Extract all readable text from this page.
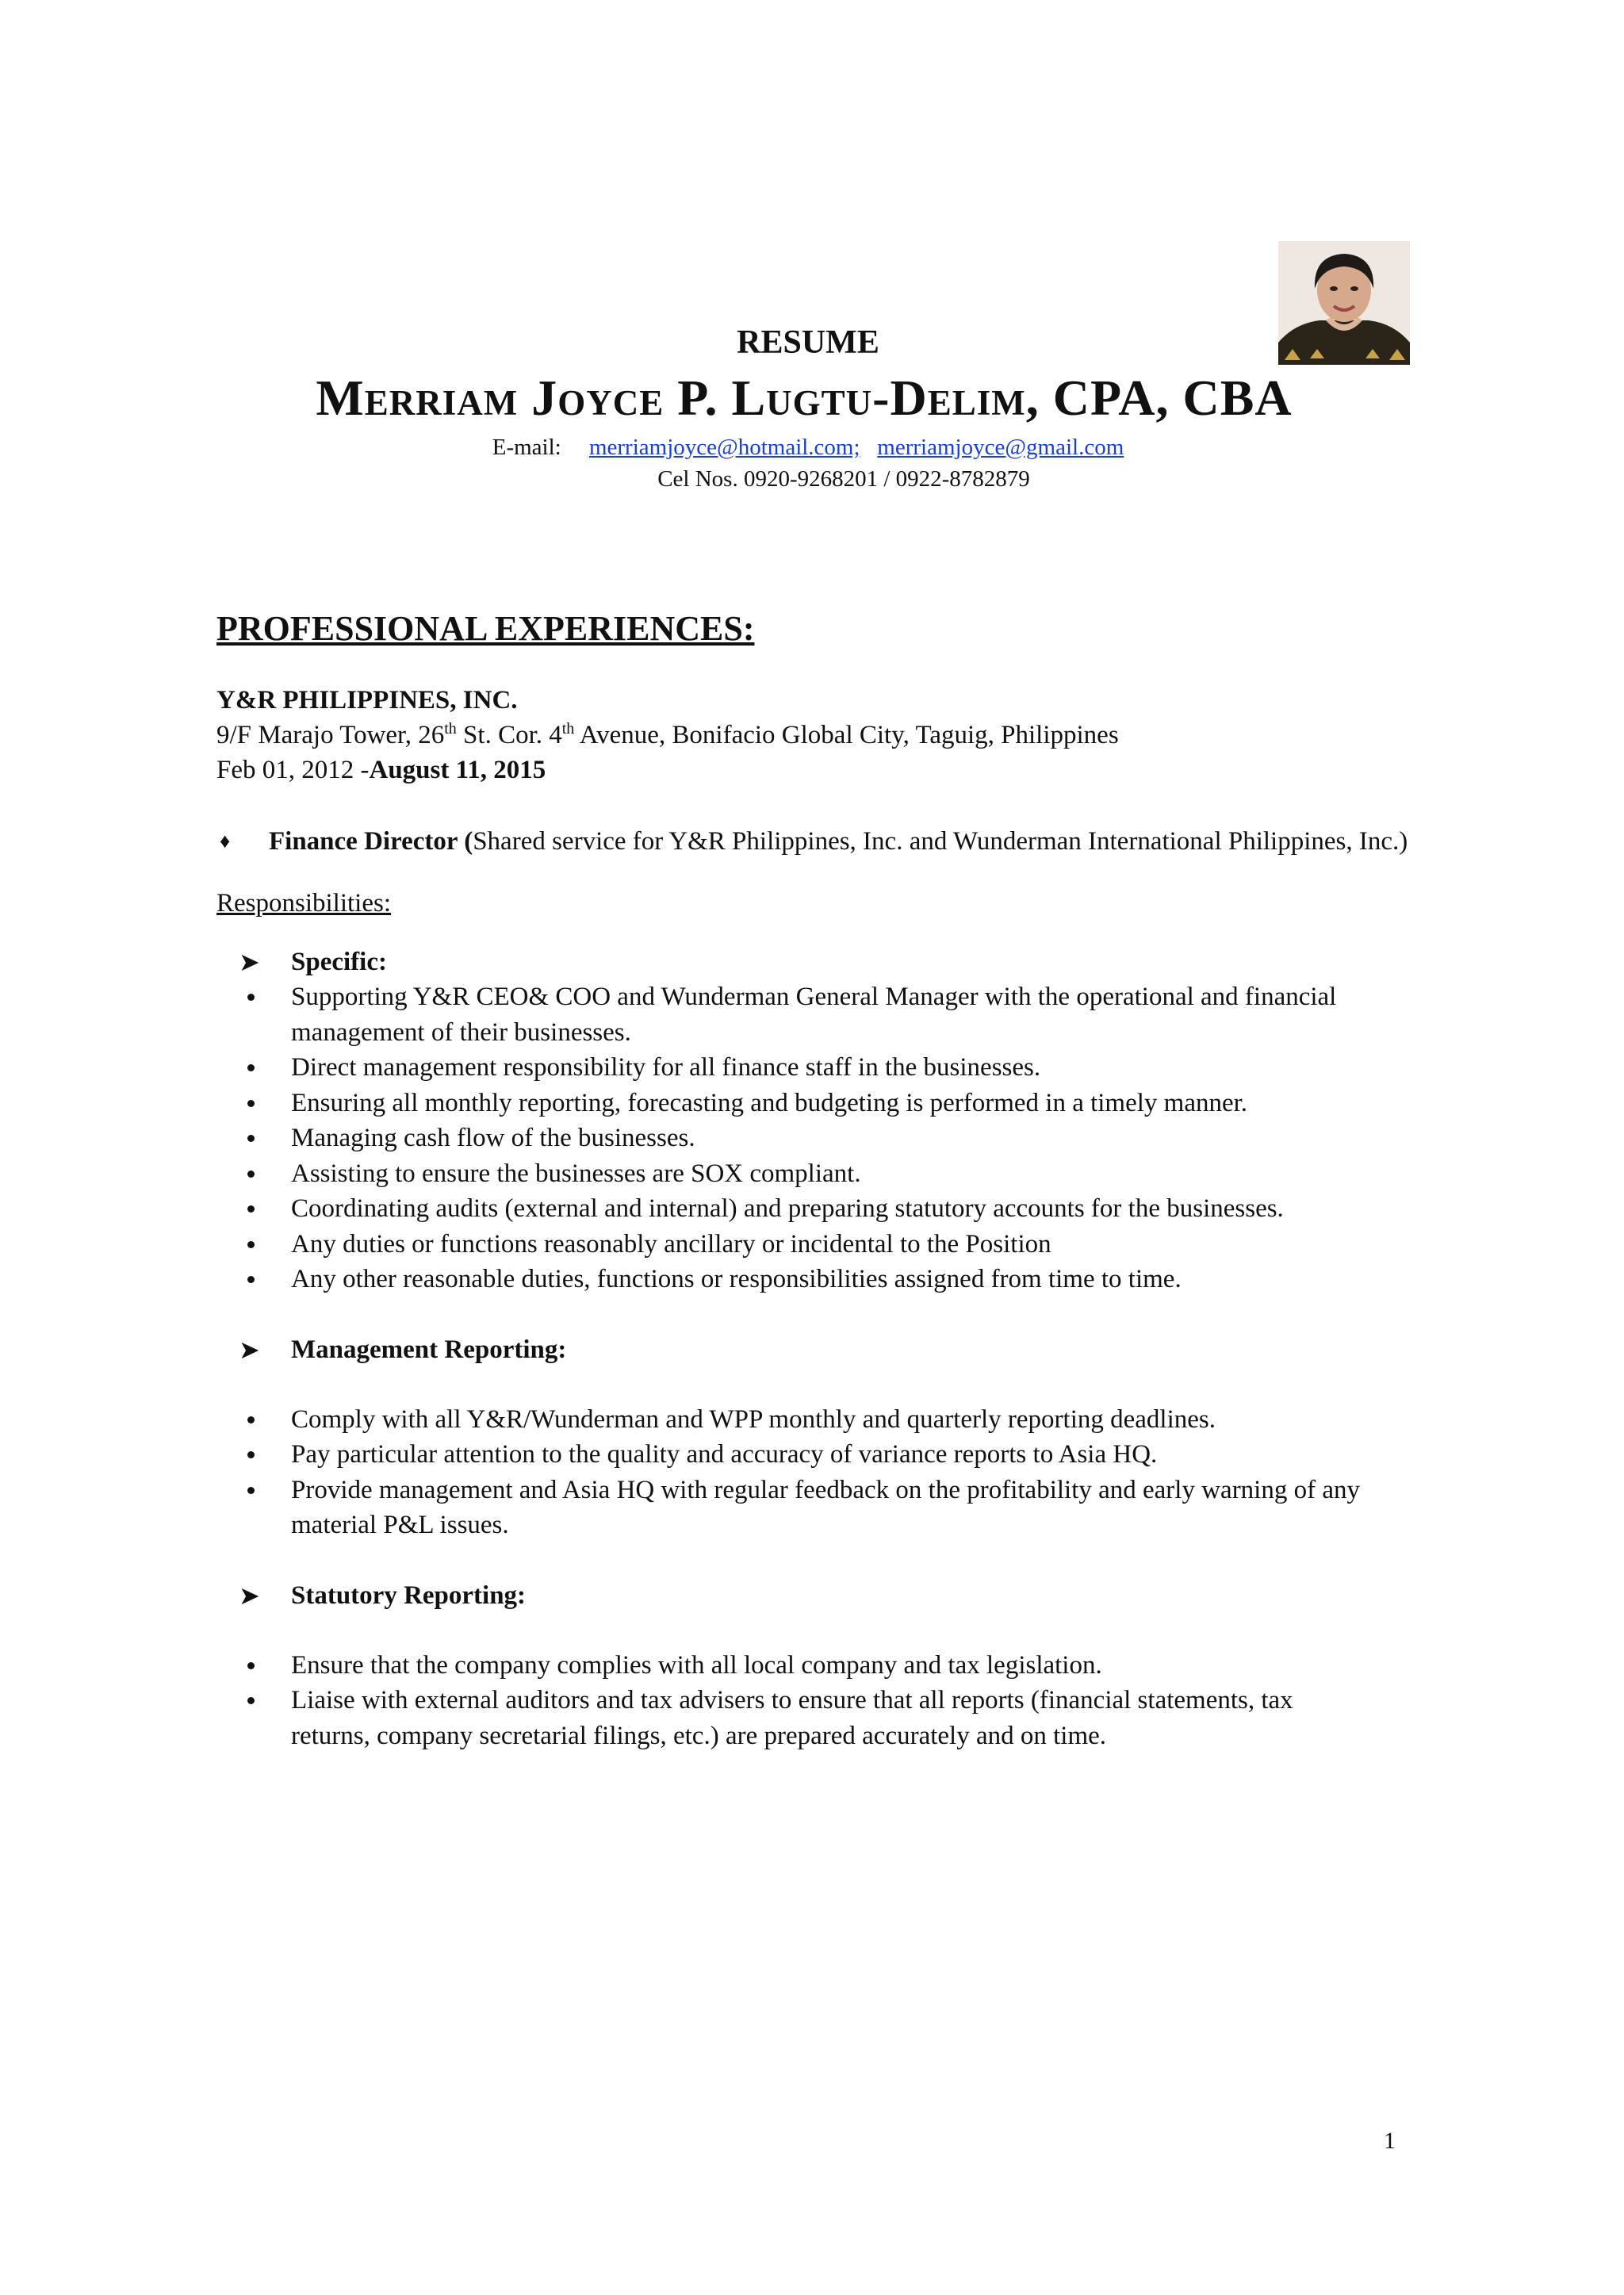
RESUME
Merriam Joyce P. Lugtu-Delim, CPA, CBA
E-mail: merriamjoyce@hotmail.com; merriamjoyce@gmail.com
Cel Nos. 0920-9268201 / 0922-8782879
PROFESSIONAL EXPERIENCES:
Y&R PHILIPPINES, INC.
9/F Marajo Tower, 26th St. Cor. 4th Avenue, Bonifacio Global City, Taguig, Philippines
Feb 01, 2012 -August 11, 2015
♦	Finance Director (Shared service for Y&R Philippines, Inc. and Wunderman International Philippines, Inc.)
Responsibilities:
➤	Specific:
Supporting Y&R CEO& COO and Wunderman General Manager with the operational and financial management of their businesses.
Direct management responsibility for all finance staff in the businesses.
Ensuring all monthly reporting, forecasting and budgeting is performed in a timely manner.
Managing cash flow of the businesses.
Assisting to ensure the businesses are SOX compliant.
Coordinating audits (external and internal) and preparing statutory accounts for the businesses.
Any duties or functions reasonably ancillary or incidental to the Position
Any other reasonable duties, functions or responsibilities assigned from time to time.
➤	Management Reporting:
Comply with all Y&R/Wunderman and WPP monthly and quarterly reporting deadlines.
Pay particular attention to the quality and accuracy of variance reports to Asia HQ.
Provide management and Asia HQ with regular feedback on the profitability and early warning of any material P&L issues.
➤	Statutory Reporting:
Ensure that the company complies with all local company and tax legislation.
Liaise with external auditors and tax advisers to ensure that all reports (financial statements, tax returns, company secretarial filings, etc.) are prepared accurately and on time.
1
